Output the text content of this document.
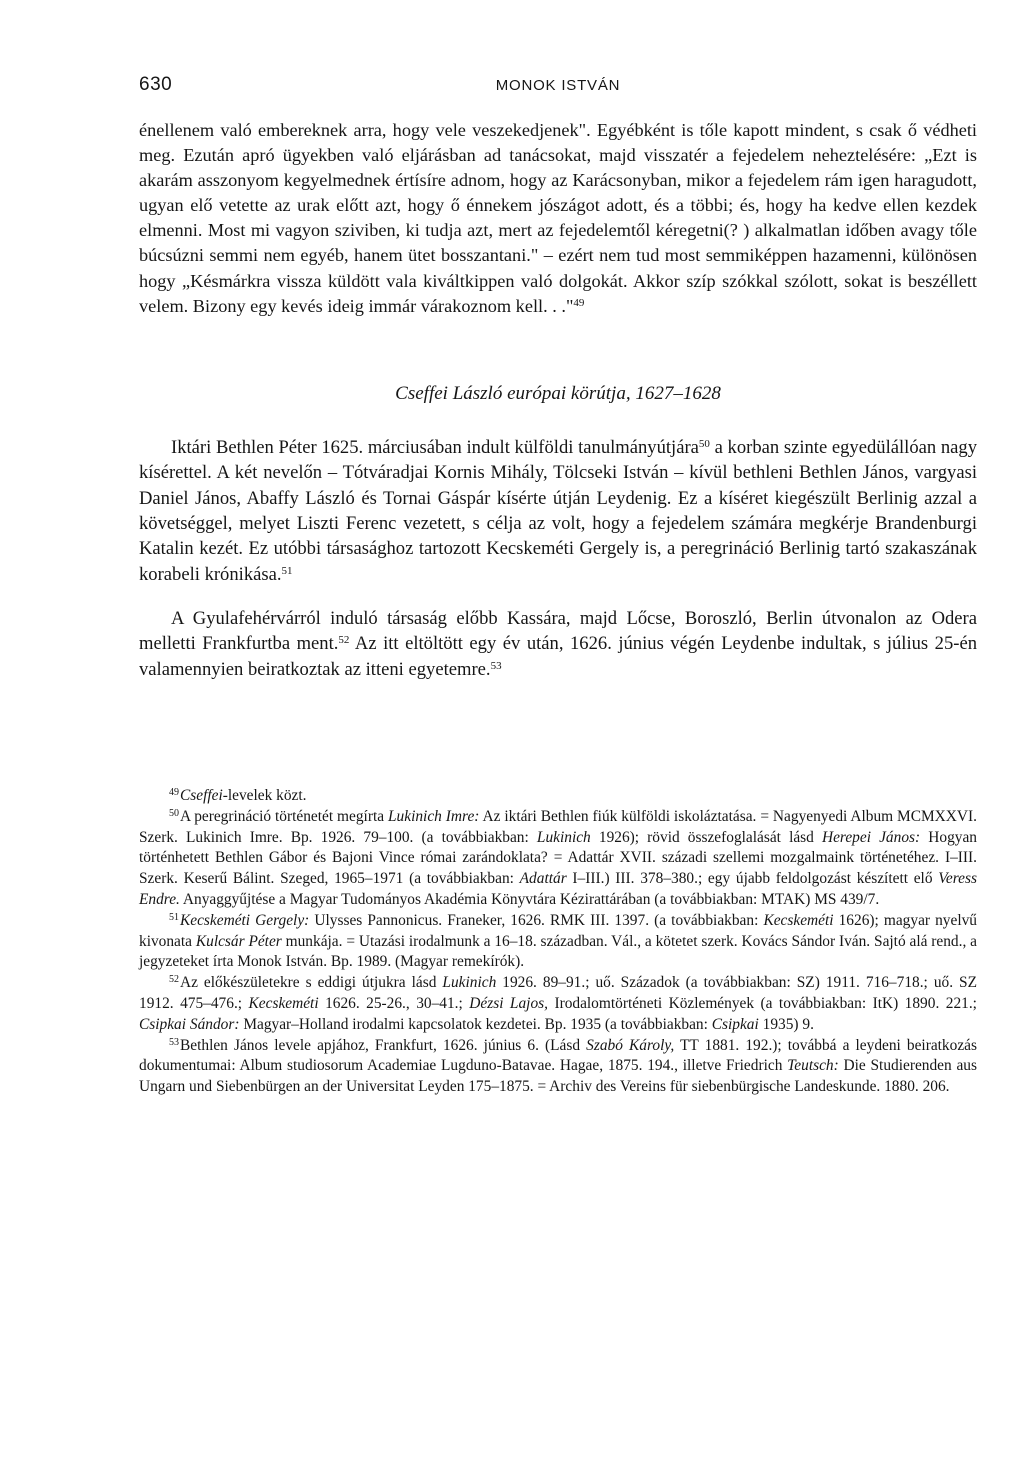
630	MONOK ISTVÁN

énellenem való embereknek arra, hogy vele veszekedjenek". Egyébként is tőle kapott mindent, s csak ő védheti meg. Ezután apró ügyekben való eljárásban ad tanácsokat, majd visszatér a fejedelem neheztelésére: „Ezt is akarám asszonyom kegyelmednek értísíre adnom, hogy az Karácsonyban, mikor a fejedelem rám igen haragudott, ugyan elő vetette az urak előtt azt, hogy ő énnekem jószágot adott, és a többi; és, hogy ha kedve ellen kezdek elmenni. Most mi vagyon sziviben, ki tudja azt, mert az fejedelemtől kéregetni(? ) alkalmatlan időben avagy tőle búcsúzni semmi nem egyéb, hanem ütet bosszantani." – ezért nem tud most semmiképpen hazamenni, különösen hogy „Késmárkra vissza küldött vala kiváltkippen való dolgokát. Akkor szíp szókkal szólott, sokat is beszéllett velem. Bizony egy kevés ideig immár várakoznom kell. . ."$^{49}$

Cseffei László európai körútja, 1627–1628

Iktári Bethlen Péter 1625. márciusában indult külföldi tanulmányútjára$^{50}$ a korban szinte egyedülállóan nagy kísérettel. A két nevelőn – Tótváradjai Kornis Mihály, Tölcseki István – kívül bethleni Bethlen János, vargyasi Daniel János, Abaffy László és Tornai Gáspár kísérte útján Leydenig. Ez a kíséret kiegészült Berlinig azzal a követséggel, melyet Liszti Ferenc vezetett, s célja az volt, hogy a fejedelem számára megkérje Brandenburgi Katalin kezét. Ez utóbbi társasághoz tartozott Kecskeméti Gergely is, a peregrináció Berlinig tartó szakaszának korabeli krónikása.$^{51}$

A Gyulafehérvárról induló társaság előbb Kassára, majd Lőcse, Boroszló, Berlin útvonalon az Odera melletti Frankfurtba ment.$^{52}$ Az itt eltöltött egy év után, 1626. június végén Leydenbe indultak, s július 25-én valamennyien beiratkoztak az itteni egyetemre.$^{53}$

$^{49}$Cseffei-levelek közt.

$^{50}$A peregrináció történetét megírta Lukinich Imre: Az iktári Bethlen fiúk külföldi iskoláztatása. = Nagyenyedi Album MCMXXVI. Szerk. Lukinich Imre. Bp. 1926. 79–100. (a továbbiakban: Lukinich 1926); rövid összefoglalását lásd Herepei János: Hogyan történhetett Bethlen Gábor és Bajoni Vince római zarándoklata? = Adattár XVII. századi szellemi mozgalmaink történetéhez. I–III. Szerk. Keserű Bálint. Szeged, 1965–1971 (a továbbiakban: Adattár I–III.) III. 378–380.; egy újabb feldolgozást készített elő Veress Endre. Anyaggyűjtése a Magyar Tudományos Akadémia Könyvtára Kézirattárában (a továbbiakban: MTAK) MS 439/7.

$^{51}$Kecskeméti Gergely: Ulysses Pannonicus. Franeker, 1626. RMK III. 1397. (a továbbiakban: Kecskeméti 1626); magyar nyelvű kivonata Kulcsár Péter munkája. = Utazási irodalmunk a 16–18. században. Vál., a kötetet szerk. Kovács Sándor Iván. Sajtó alá rend., a jegyzeteket írta Monok István. Bp. 1989. (Magyar remekírók).

$^{52}$Az előkészületekre s eddigi útjukra lásd Lukinich 1926. 89–91.; uő. Századok (a továbbiakban: SZ) 1911. 716–718.; uő. SZ 1912. 475–476.; Kecskeméti 1626. 25-26., 30–41.; Dézsi Lajos, Irodalomtörténeti Közlemények (a továbbiakban: ItK) 1890. 221.; Csipkai Sándor: Magyar–Holland irodalmi kapcsolatok kezdetei. Bp. 1935 (a továbbiakban: Csipkai 1935) 9.

$^{53}$Bethlen János levele apjához, Frankfurt, 1626. június 6. (Lásd Szabó Károly, TT 1881. 192.); továbbá a leydeni beiratkozás dokumentumai: Album studiosorum Academiae Lugduno-Batavae. Hagae, 1875. 194., illetve Friedrich Teutsch: Die Studierenden aus Ungarn und Siebenbürgen an der Universitat Leyden 175–1875. = Archiv des Vereins für siebenbürgische Landeskunde. 1880. 206.
